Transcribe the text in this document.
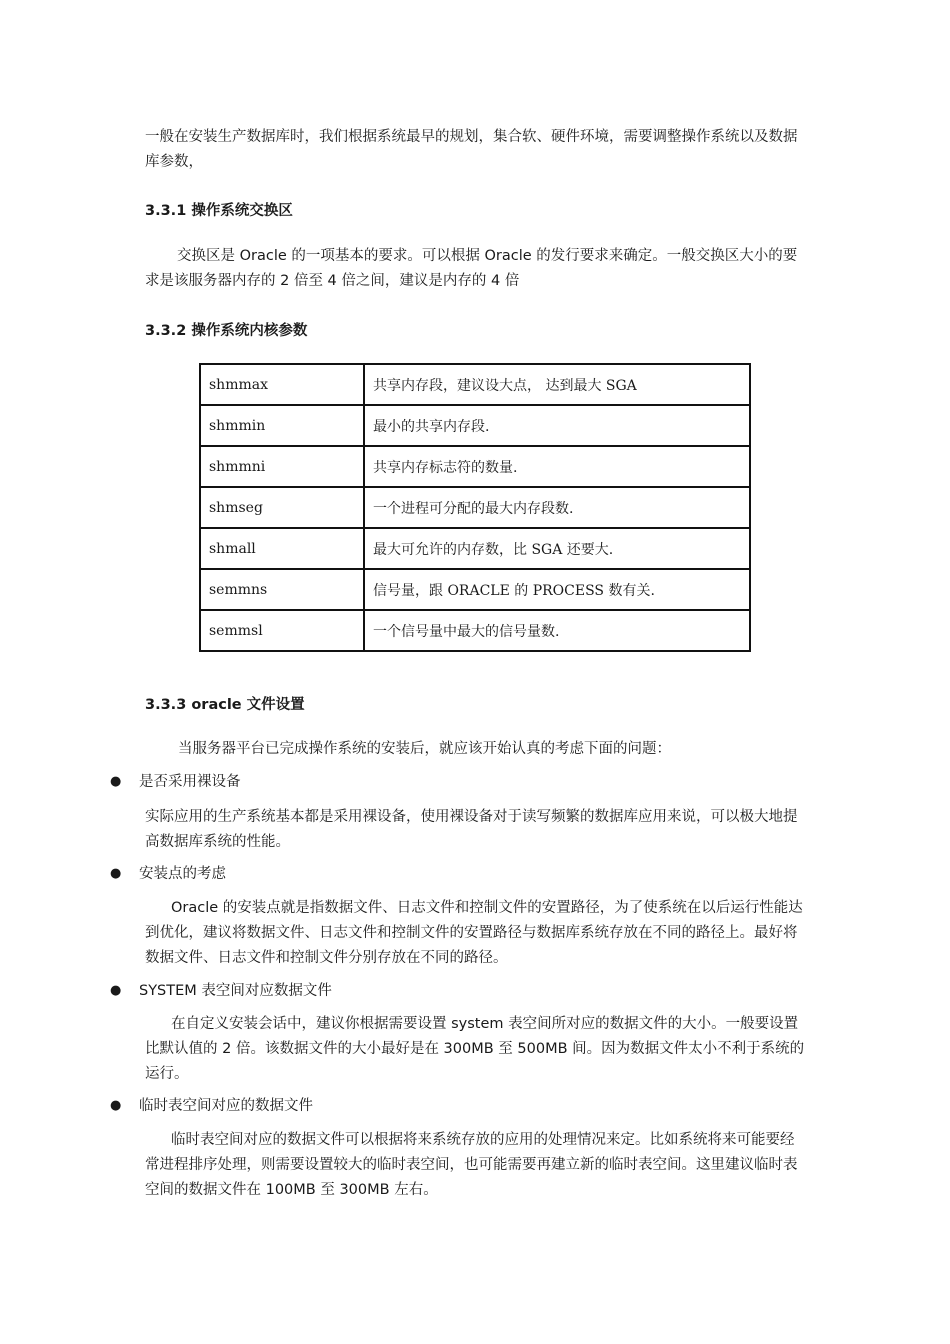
一般在安装生产数据库时，我们根据系统最早的规划，集合软、硬件环境，需要调整操作系统以及数据库参数，

3.3.1 操作系统交换区

交换区是 Oracle 的一项基本的要求。可以根据 Oracle 的发行要求来确定。一般交换区大小的要求是该服务器内存的 2 倍至 4 倍之间，建议是内存的 4 倍

3.3.2 操作系统内核参数

shmmax	共享内存段，建议设大点， 达到最大 SGA
shmmin	最小的共享内存段.
shmmni	共享内存标志符的数量.
shmseg	一个进程可分配的最大内存段数.
shmall	最大可允许的内存数，比 SGA 还要大.
semmns	信号量，跟 ORACLE 的 PROCESS 数有关.
semmsl	一个信号量中最大的信号量数.

3.3.3 oracle 文件设置

当服务器平台已完成操作系统的安装后，就应该开始认真的考虑下面的问题：

● 是否采用裸设备

实际应用的生产系统基本都是采用裸设备，使用裸设备对于读写频繁的数据库应用来说，可以极大地提高数据库系统的性能。

● 安装点的考虑

Oracle 的安装点就是指数据文件、日志文件和控制文件的安置路径，为了使系统在以后运行性能达到优化，建议将数据文件、日志文件和控制文件的安置路径与数据库系统存放在不同的路径上。最好将数据文件、日志文件和控制文件分别存放在不同的路径。

● SYSTEM 表空间对应数据文件

在自定义安装会话中，建议你根据需要设置 system 表空间所对应的数据文件的大小。一般要设置比默认值的 2 倍。该数据文件的大小最好是在 300MB 至 500MB 间。因为数据文件太小不利于系统的运行。

● 临时表空间对应的数据文件

临时表空间对应的数据文件可以根据将来系统存放的应用的处理情况来定。比如系统将来可能要经常进程排序处理，则需要设置较大的临时表空间，也可能需要再建立新的临时表空间。这里建议临时表空间的数据文件在 100MB 至 300MB 左右。
